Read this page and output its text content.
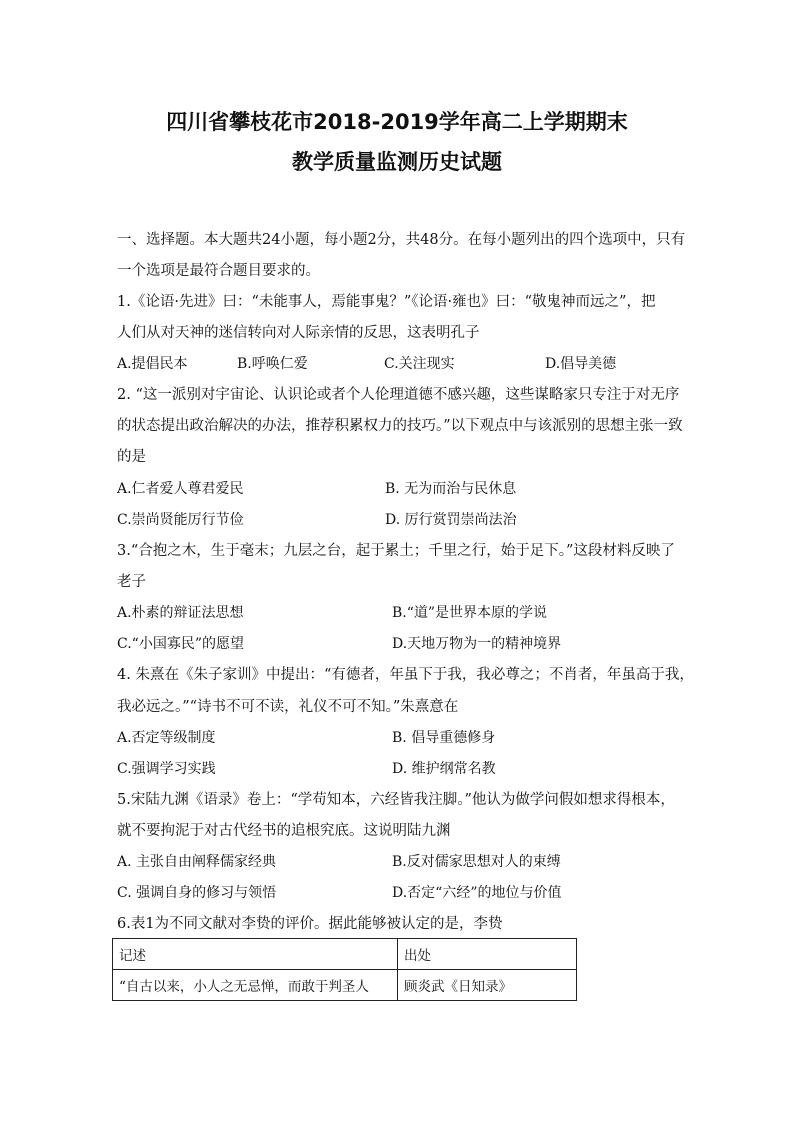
四川省攀枝花市2018-2019学年高二上学期期末
教学质量监测历史试题
一、选择题。本大题共24小题，每小题2分，共48分。在每小题列出的四个选项中，只有
一个选项是最符合题目要求的。
1.《论语·先进》曰：“未能事人，焉能事鬼？”《论语·雍也》曰：“敬鬼神而远之”，把
人们从对天神的迷信转向对人际亲情的反思，这表明孔子
A.提倡民本	B.呼唤仁爱	C.关注现实	D.倡导美德
2. “这一派别对宇宙论、认识论或者个人伦理道德不感兴趣，这些谋略家只专注于对无序
的状态提出政治解决的办法，推荐积累权力的技巧。”以下观点中与该派别的思想主张一致
的是
A.仁者爱人尊君爱民	B. 无为而治与民休息
C.崇尚贤能厉行节俭	D. 厉行赏罚崇尚法治
3.“合抱之木，生于毫末；九层之台，起于累土；千里之行，始于足下。”这段材料反映了
老子
A.朴素的辩证法思想	B.“道”是世界本原的学说
C.“小国寡民”的愿望	D.天地万物为一的精神境界
4. 朱熹在《朱子家训》中提出：“有德者，年虽下于我，我必尊之；不肖者，年虽高于我，
我必远之。”“诗书不可不读，礼仪不可不知。”朱熹意在
A.否定等级制度	B. 倡导重德修身
C.强调学习实践	D. 维护纲常名教
5.宋陆九渊《语录》卷上：“学苟知本，六经皆我注脚。”他认为做学问假如想求得根本，
就不要拘泥于对古代经书的追根究底。这说明陆九渊
A. 主张自由阐释儒家经典	B.反对儒家思想对人的束缚
C. 强调自身的修习与领悟	D.否定“六经”的地位与价值
6.表1为不同文献对李贽的评价。据此能够被认定的是，李贽
记述	出处
“自古以来，小人之无忌惮，而敢于判圣人	顾炎武《日知录》
